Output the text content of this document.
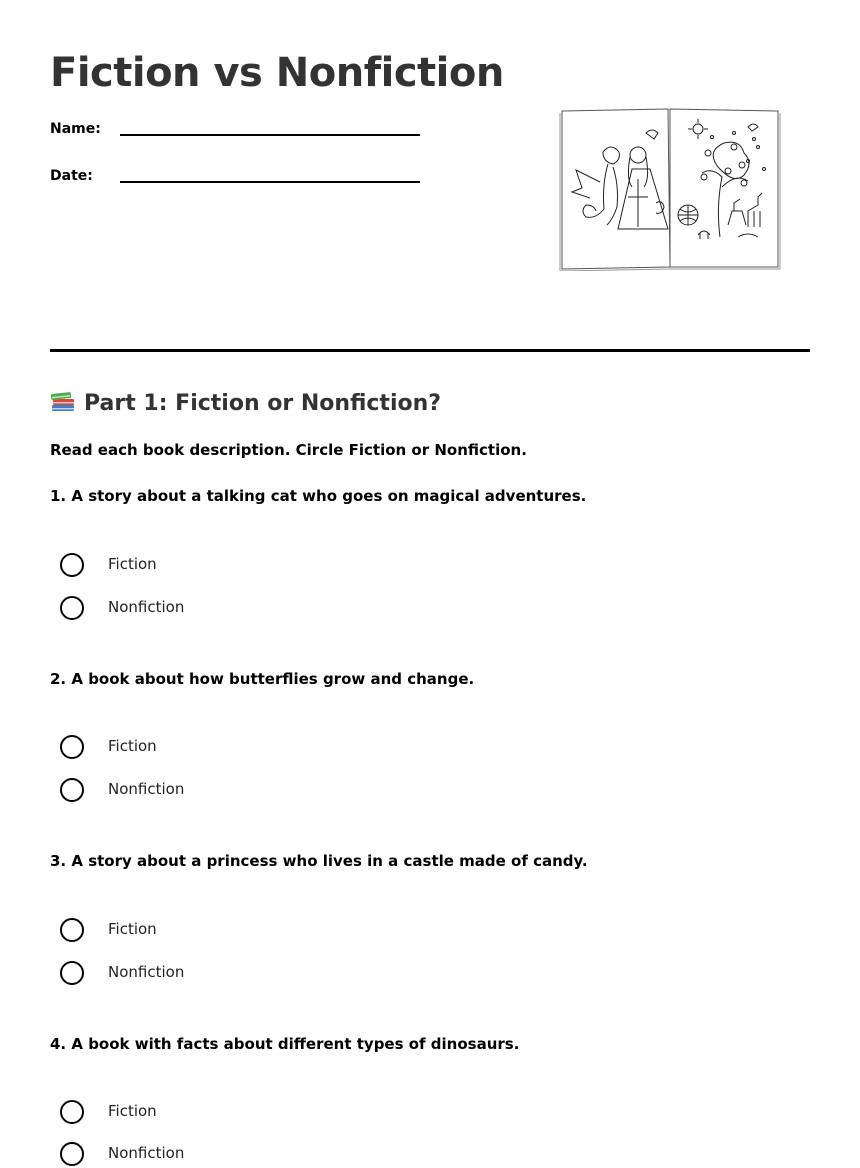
Fiction vs Nonfiction
Name:
Date:
Part 1: Fiction or Nonfiction?
Read each book description. Circle Fiction or Nonfiction.
1. A story about a talking cat who goes on magical adventures.
Fiction
Nonfiction
2. A book about how butterflies grow and change.
Fiction
Nonfiction
3. A story about a princess who lives in a castle made of candy.
Fiction
Nonfiction
4. A book with facts about different types of dinosaurs.
Fiction
Nonfiction
